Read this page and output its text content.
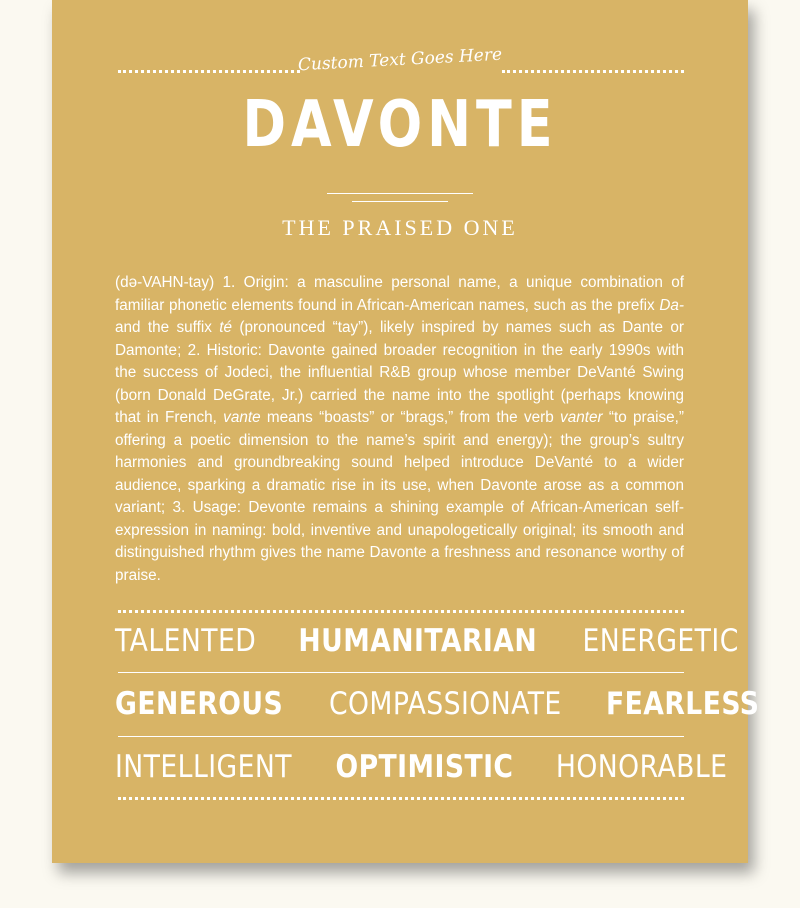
Custom Text Goes Here
DAVONTE
THE PRAISED ONE

(də-VAHN-tay) 1. Origin: a masculine personal name, a unique combination of familiar phonetic elements found in African-American names, such as the prefix Da- and the suffix té (pronounced “tay”), likely inspired by names such as Dante or Damonte; 2. Historic: Davonte gained broader recognition in the early 1990s with the success of Jodeci, the influential R&B group whose member DeVanté Swing (born Donald DeGrate, Jr.) carried the name into the spotlight (perhaps knowing that in French, vante means “boasts” or “brags,” from the verb vanter “to praise,” offering a poetic dimension to the name’s spirit and energy); the group’s sultry harmonies and groundbreaking sound helped introduce DeVanté to a wider audience, sparking a dramatic rise in its use, when Davonte arose as a common variant; 3. Usage: Devonte remains a shining example of African-American self-expression in naming: bold, inventive and unapologetically original; its smooth and distinguished rhythm gives the name Davonte a freshness and resonance worthy of praise.

TALENTED HUMANITARIAN ENERGETIC
GENEROUS COMPASSIONATE FEARLESS
INTELLIGENT OPTIMISTIC HONORABLE
